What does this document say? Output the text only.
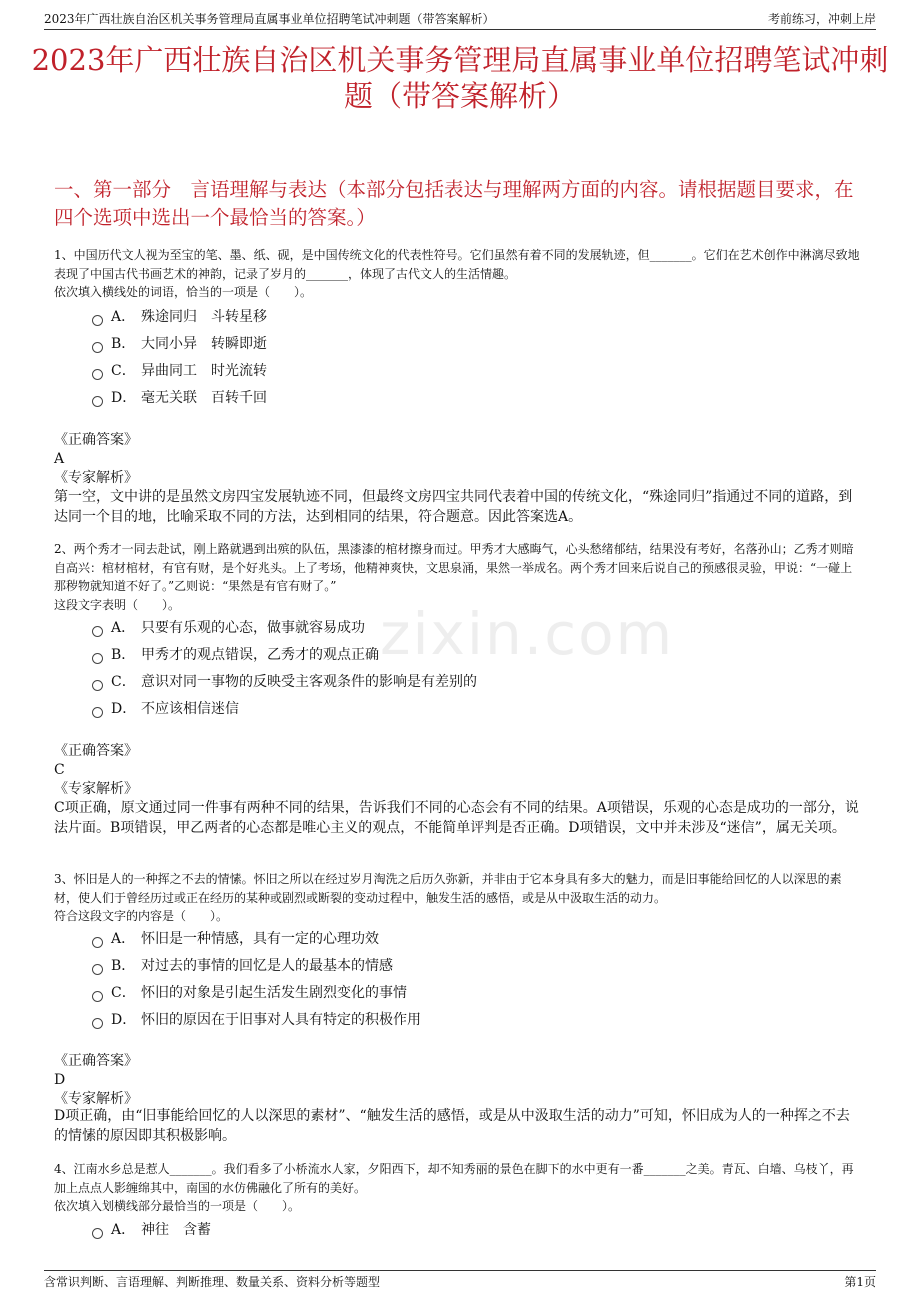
2023年广西壮族自治区机关事务管理局直属事业单位招聘笔试冲刺题（带答案解析）	考前练习，冲刺上岸
2023年广西壮族自治区机关事务管理局直属事业单位招聘笔试冲刺题（带答案解析）
一、第一部分　言语理解与表达（本部分包括表达与理解两方面的内容。请根据题目要求，在四个选项中选出一个最恰当的答案。）
zixin.com
1、中国历代文人视为至宝的笔、墨、纸、砚，是中国传统文化的代表性符号。它们虽然有着不同的发展轨迹，但_______。它们在艺术创作中淋漓尽致地表现了中国古代书画艺术的神韵，记录了岁月的_______，体现了古代文人的生活情趣。
依次填入横线处的词语，恰当的一项是（　　）。
A． 殊途同归　斗转星移
B． 大同小异　转瞬即逝
C． 异曲同工　时光流转
D． 毫无关联　百转千回
《正确答案》
A
《专家解析》
第一空，文中讲的是虽然文房四宝发展轨迹不同，但最终文房四宝共同代表着中国的传统文化，“殊途同归”指通过不同的道路，到达同一个目的地，比喻采取不同的方法，达到相同的结果，符合题意。因此答案选A。
2、两个秀才一同去赴试，刚上路就遇到出殡的队伍，黑漆漆的棺材擦身而过。甲秀才大感晦气，心头愁绪郁结，结果没有考好，名落孙山；乙秀才则暗自高兴：棺材棺材，有官有财，是个好兆头。上了考场，他精神爽快，文思泉涌，果然一举成名。两个秀才回来后说自己的预感很灵验，甲说：“一碰上那秽物就知道不好了。”乙则说：“果然是有官有财了。”
这段文字表明（　　）。
A． 只要有乐观的心态，做事就容易成功
B． 甲秀才的观点错误，乙秀才的观点正确
C． 意识对同一事物的反映受主客观条件的影响是有差别的
D． 不应该相信迷信
《正确答案》
C
《专家解析》
C项正确，原文通过同一件事有两种不同的结果，告诉我们不同的心态会有不同的结果。A项错误，乐观的心态是成功的一部分，说法片面。B项错误，甲乙两者的心态都是唯心主义的观点，不能简单评判是否正确。D项错误，文中并未涉及“迷信”，属无关项。
3、怀旧是人的一种挥之不去的情愫。怀旧之所以在经过岁月淘洗之后历久弥新，并非由于它本身具有多大的魅力，而是旧事能给回忆的人以深思的素材，使人们于曾经历过或正在经历的某种或剧烈或断裂的变动过程中，触发生活的感悟，或是从中汲取生活的动力。
符合这段文字的内容是（　　）。
A． 怀旧是一种情感，具有一定的心理功效
B． 对过去的事情的回忆是人的最基本的情感
C． 怀旧的对象是引起生活发生剧烈变化的事情
D． 怀旧的原因在于旧事对人具有特定的积极作用
《正确答案》
D
《专家解析》
D项正确，由“旧事能给回忆的人以深思的素材”、“触发生活的感悟，或是从中汲取生活的动力”可知，怀旧成为人的一种挥之不去的情愫的原因即其积极影响。
4、江南水乡总是惹人_______。我们看多了小桥流水人家，夕阳西下，却不知秀丽的景色在脚下的水中更有一番_______之美。青瓦、白墙、乌枝丫，再加上点点人影缠绵其中，南国的水仿佛融化了所有的美好。
依次填入划横线部分最恰当的一项是（　　）。
A． 神往　含蓄
含常识判断、言语理解、判断推理、数量关系、资料分析等题型	第1页
